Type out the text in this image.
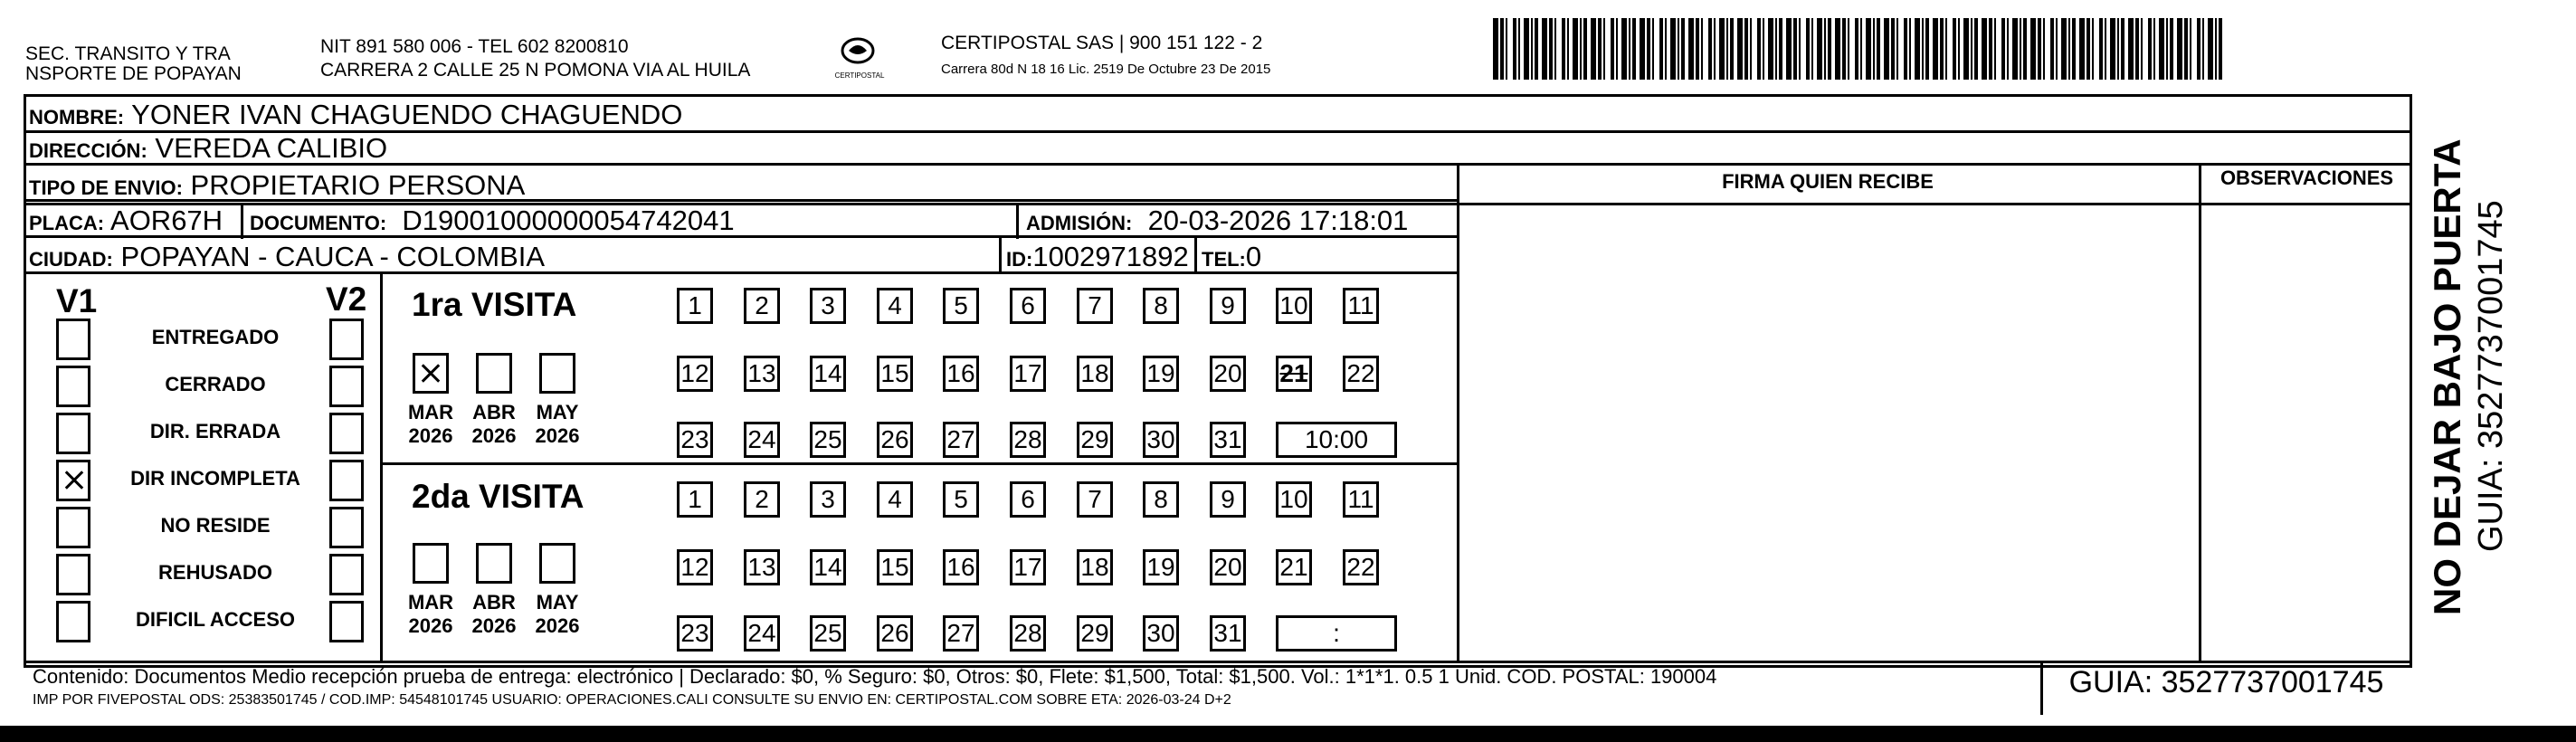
SEC. TRANSITO Y TRA
NSPORTE DE POPAYAN
NIT 891 580 006 - TEL 602 8200810
CARRERA 2 CALLE 25 N POMONA VIA AL HUILA	CERTIPOSTAL
CERTIPOSTAL SAS | 900 151 122 - 2
Carrera 80d N 18 16 Lic. 2519 De Octubre 23 De 2015
NOMBRE: YONER IVAN CHAGUENDO CHAGUENDO
DIRECCIÓN: VEREDA CALIBIO
TIPO DE ENVIO: PROPIETARIO PERSONA
PLACA: AOR67H DOCUMENTO: D19001000000054742041	ADMISIÓN: 20-03-2026 17:18:01
CIUDAD: POPAYAN - CAUCA - COLOMBIA	ID:1002971892 TEL:0
FIRMA QUIEN RECIBE	OBSERVACIONES
V1	V2 1ra VISITA
2da VISITA
Contenido: Documentos Medio recepción prueba de entrega: electrónico | Declarado: $0, % Seguro: $0, Otros: $0, Flete: $1,500, Total: $1,500. Vol.: 1*1*1. 0.5 1 Unid. COD. POSTAL: 190004
IMP POR FIVEPOSTAL ODS: 25383501745 / COD.IMP: 54548101745 USUARIO: OPERACIONES.CALI CONSULTE SU ENVIO EN: CERTIPOSTAL.COM SOBRE ETA: 2026-03-24 D+2
GUIA: 3527737001745
NO DEJAR BAJO PUERTA GUIA: 3527737001745
ENTREGADO
CERRADO
DIR. ERRADA
DIR INCOMPLETA
NO RESIDE
REHUSADO
DIFICIL ACCESO
MAR
2026
ABR
2026
MAY
2026
MAR
2026
ABR
2026
MAY
2026
1	2	3	4	5	6	7	8	9	10 11
12 13 14 15 16 17 18 19 20 21 22
23 24 25 26 27 28 29 30 31	10:00
1	2	3	4	5	6	7	8	9	10 11
12 13 14 15 16 17 18 19 20 21 22
23 24 25 26 27 28 29 30 31	:
